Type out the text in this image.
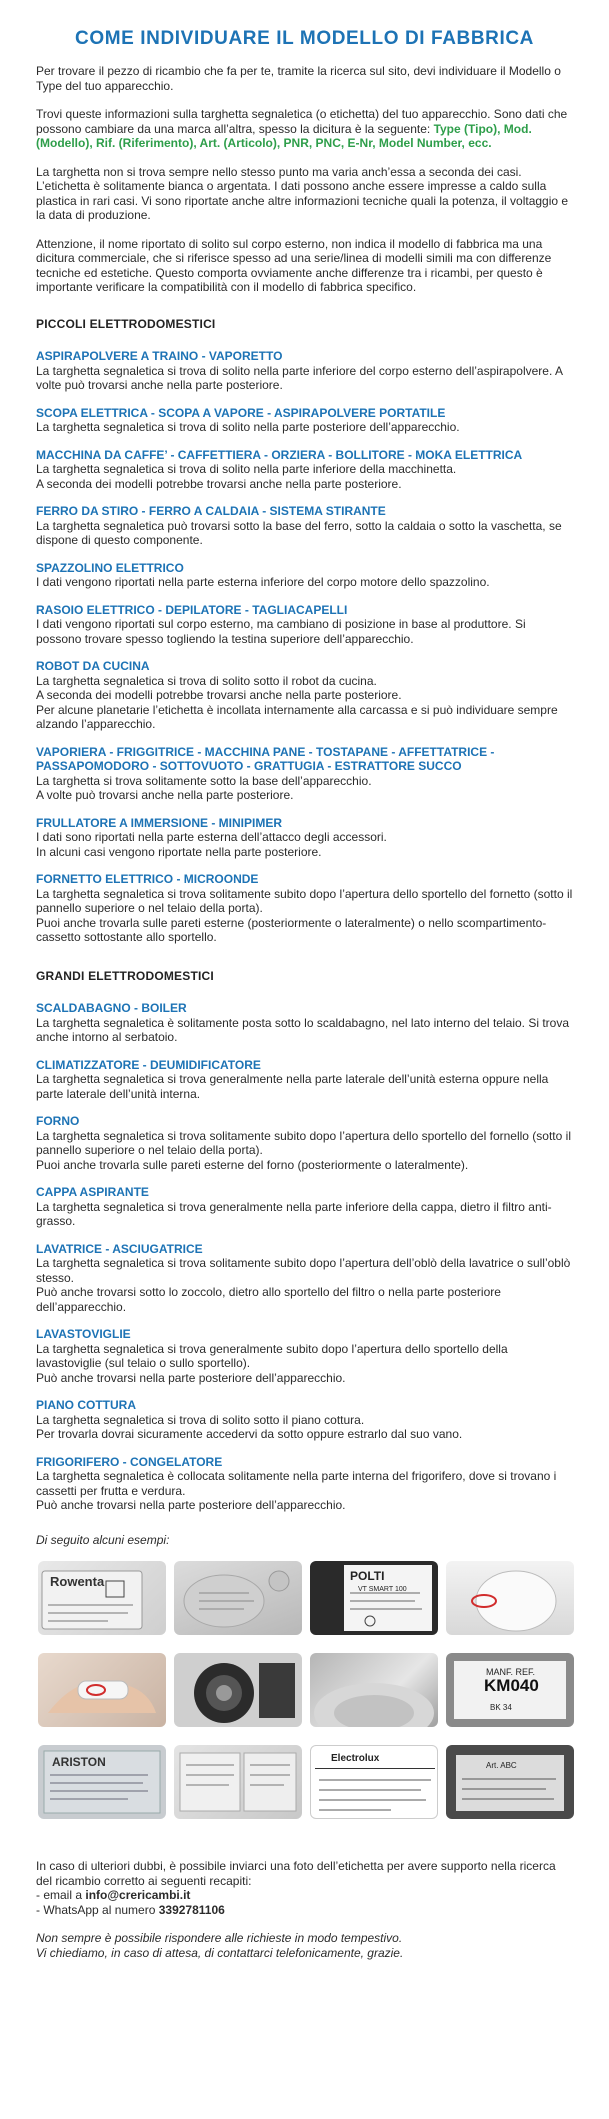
COME INDIVIDUARE IL MODELLO DI FABBRICA

Per trovare il pezzo di ricambio che fa per te, tramite la ricerca sul sito, devi individuare il Modello o Type del tuo apparecchio.

Trovi queste informazioni sulla targhetta segnaletica (o etichetta) del tuo apparecchio. Sono dati che possono cambiare da una marca all’altra, spesso la dicitura è la seguente: Type (Tipo), Mod. (Modello), Rif. (Riferimento), Art. (Articolo), PNR, PNC, E-Nr, Model Number, ecc.

La targhetta non si trova sempre nello stesso punto ma varia anch’essa a seconda dei casi. L’etichetta è solitamente bianca o argentata. I dati possono anche essere impresse a caldo sulla plastica in rari casi. Vi sono riportate anche altre informazioni tecniche quali la potenza, il voltaggio e la data di produzione.

Attenzione, il nome riportato di solito sul corpo esterno, non indica il modello di fabbrica ma una dicitura commerciale, che si riferisce spesso ad una serie/linea di modelli simili ma con differenze tecniche ed estetiche. Questo comporta ovviamente anche differenze tra i ricambi, per questo è importante verificare la compatibilità con il modello di fabbrica specifico.

PICCOLI ELETTRODOMESTICI
ASPIRAPOLVERE A TRAINO - VAPORETTO
La targhetta segnaletica si trova di solito nella parte inferiore del corpo esterno dell’aspirapolvere. A volte può trovarsi anche nella parte posteriore.
SCOPA ELETTRICA - SCOPA A VAPORE - ASPIRAPOLVERE PORTATILE
La targhetta segnaletica si trova di solito nella parte posteriore dell’apparecchio.
MACCHINA DA CAFFE’ - CAFFETTIERA - ORZIERA - BOLLITORE - MOKA ELETTRICA
La targhetta segnaletica si trova di solito nella parte inferiore della macchinetta.
A seconda dei modelli potrebbe trovarsi anche nella parte posteriore.
FERRO DA STIRO - FERRO A CALDAIA - SISTEMA STIRANTE
La targhetta segnaletica può trovarsi sotto la base del ferro, sotto la caldaia o sotto la vaschetta, se dispone di questo componente.
SPAZZOLINO ELETTRICO
I dati vengono riportati nella parte esterna inferiore del corpo motore dello spazzolino.
RASOIO ELETTRICO - DEPILATORE - TAGLIACAPELLI
I dati vengono riportati sul corpo esterno, ma cambiano di posizione in base al produttore. Si possono trovare spesso togliendo la testina superiore dell’apparecchio.
ROBOT DA CUCINA
La targhetta segnaletica si trova di solito sotto il robot da cucina.
A seconda dei modelli potrebbe trovarsi anche nella parte posteriore.
Per alcune planetarie l’etichetta è incollata internamente alla carcassa e si può individuare sempre alzando l’apparecchio.
VAPORIERA - FRIGGITRICE - MACCHINA PANE - TOSTAPANE - AFFETTATRICE - PASSAPOMODORO - SOTTOVUOTO - GRATTUGIA - ESTRATTORE SUCCO
La targhetta si trova solitamente sotto la base dell’apparecchio.
A volte può trovarsi anche nella parte posteriore.
FRULLATORE A IMMERSIONE - MINIPIMER
I dati sono riportati nella parte esterna dell’attacco degli accessori.
In alcuni casi vengono riportate nella parte posteriore.
FORNETTO ELETTRICO - MICROONDE
La targhetta segnaletica si trova solitamente subito dopo l’apertura dello sportello del fornetto (sotto il pannello superiore o nel telaio della porta).
Puoi anche trovarla sulle pareti esterne (posteriormente o lateralmente) o nello scompartimento-cassetto sottostante allo sportello.
GRANDI ELETTRODOMESTICI
SCALDABAGNO - BOILER
La targhetta segnaletica è solitamente posta sotto lo scaldabagno, nel lato interno del telaio. Si trova anche intorno al serbatoio.
CLIMATIZZATORE - DEUMIDIFICATORE
La targhetta segnaletica si trova generalmente nella parte laterale dell’unità esterna oppure nella parte laterale dell’unità interna.
FORNO
La targhetta segnaletica si trova solitamente subito dopo l’apertura dello sportello del fornello (sotto il pannello superiore o nel telaio della porta).
Puoi anche trovarla sulle pareti esterne del forno (posteriormente o lateralmente).
CAPPA ASPIRANTE
La targhetta segnaletica si trova generalmente nella parte inferiore della cappa, dietro il filtro anti-grasso.
LAVATRICE - ASCIUGATRICE
La targhetta segnaletica si trova solitamente subito dopo l’apertura dell’oblò della lavatrice o sull’oblò stesso.
Può anche trovarsi sotto lo zoccolo, dietro allo sportello del filtro o nella parte posteriore dell’apparecchio.
LAVASTOVIGLIE
La targhetta segnaletica si trova generalmente subito dopo l’apertura dello sportello della lavastoviglie (sul telaio o sullo sportello).
Può anche trovarsi nella parte posteriore dell’apparecchio.
PIANO COTTURA
La targhetta segnaletica si trova di solito sotto il piano cottura.
Per trovarla dovrai sicuramente accedervi da sotto oppure estrarlo dal suo vano.
FRIGORIFERO - CONGELATORE
La targhetta segnaletica è collocata solitamente nella parte interna del frigorifero, dove si trovano i cassetti per frutta e verdura.
Può anche trovarsi nella parte posteriore dell’apparecchio.
Di seguito alcuni esempi:
Rowenta	POLTI
VT SMART 100
MANF. REF.
KM040
BK 34
ARISTON	Electrolux
Art. ABC
In caso di ulteriori dubbi, è possibile inviarci una foto dell’etichetta per avere supporto nella ricerca del ricambio corretto ai seguenti recapiti:
- email a info@crericambi.it
- WhatsApp al numero 3392781106
Non sempre è possibile rispondere alle richieste in modo tempestivo.
Vi chiediamo, in caso di attesa, di contattarci telefonicamente, grazie.
